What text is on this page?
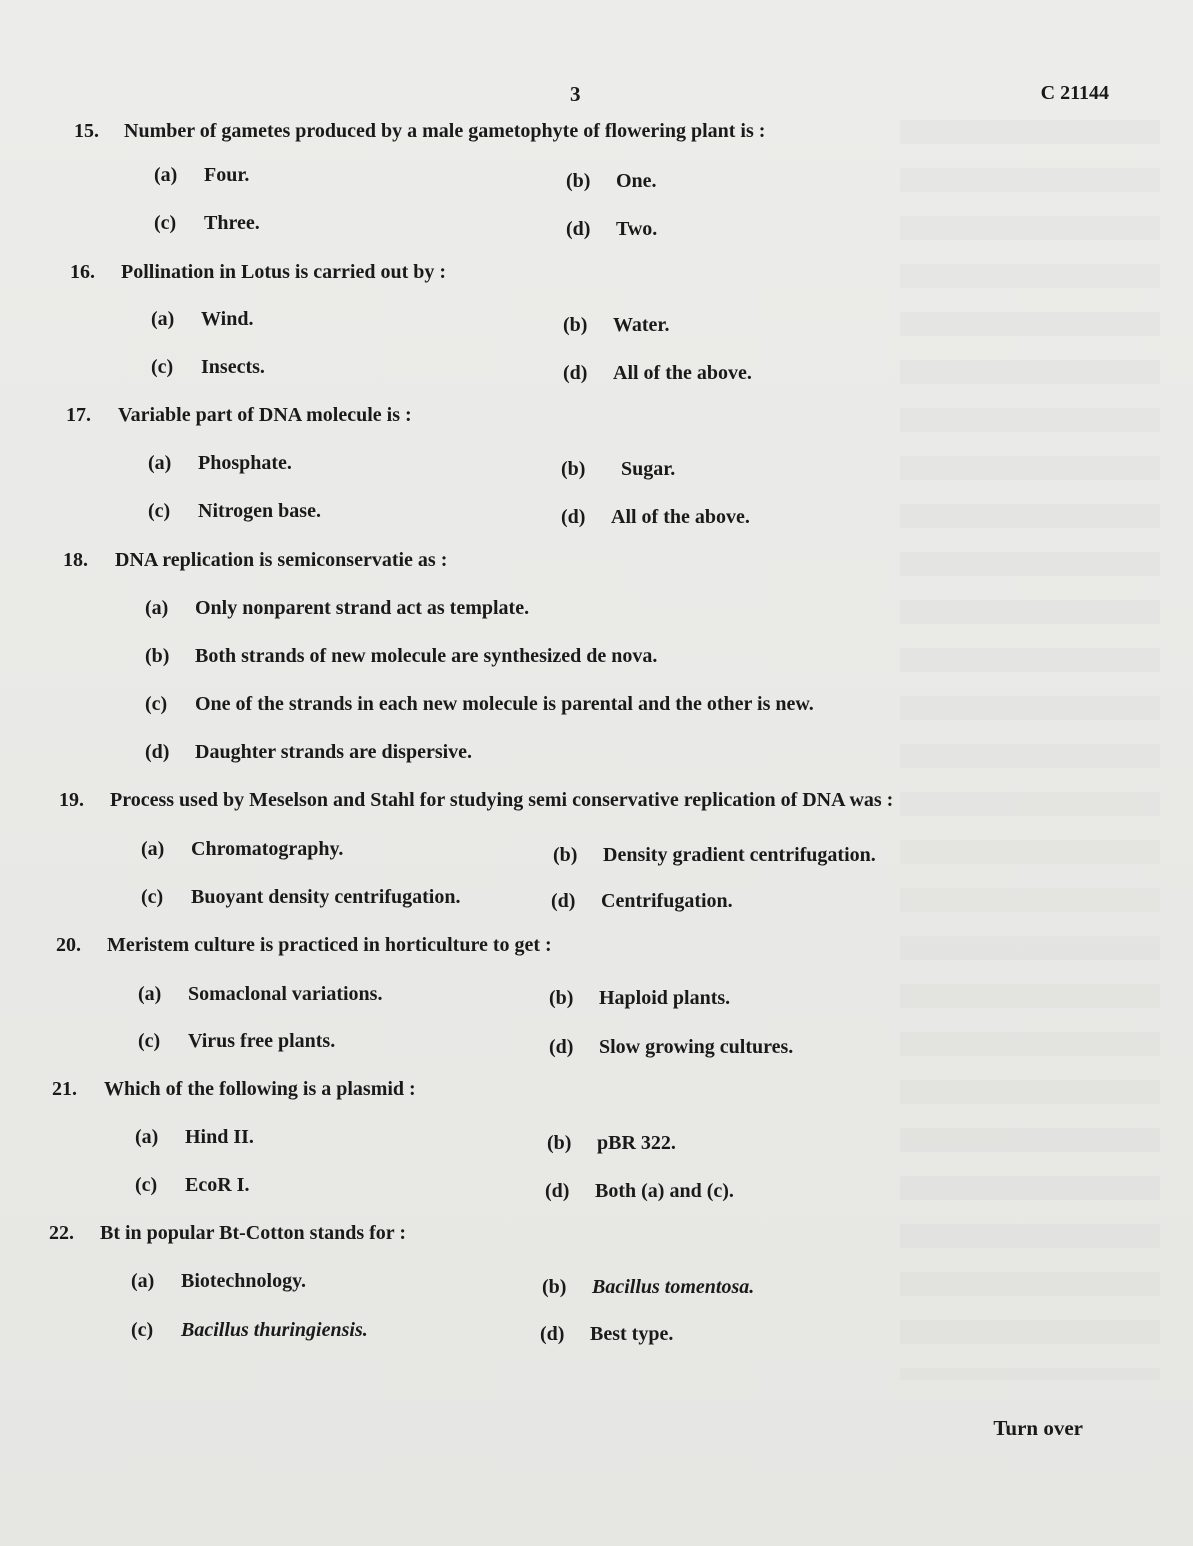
3	C 21144
15. Number of gametes produced by a male gametophyte of flowering plant is :
(a) Four.	(b) One.
(c) Three.	(d) Two.
16. Pollination in Lotus is carried out by :
(a) Wind.	(b) Water.
(c) Insects.	(d) All of the above.
17. Variable part of DNA molecule is :
(a) Phosphate.	(b) Sugar.
(c) Nitrogen base.	(d) All of the above.
18. DNA replication is semiconservatie as :
(a) Only nonparent strand act as template.
(b) Both strands of new molecule are synthesized de nova.
(c) One of the strands in each new molecule is parental and the other is new.
(d) Daughter strands are dispersive.
19. Process used by Meselson and Stahl for studying semi conservative replication of DNA was :
(a) Chromatography.	(b) Density gradient centrifugation.
(c) Buoyant density centrifugation.	(d) Centrifugation.
20. Meristem culture is practiced in horticulture to get :
(a) Somaclonal variations.	(b) Haploid plants.
(c) Virus free plants.	(d) Slow growing cultures.
21. Which of the following is a plasmid :
(a) Hind II.	(b) pBR 322.
(c) EcoR I.	(d) Both (a) and (c).
22. Bt in popular Bt-Cotton stands for :
(a) Biotechnology.	(b) Bacillus tomentosa.
(c) Bacillus thuringiensis.	(d) Best type.
Turn over
